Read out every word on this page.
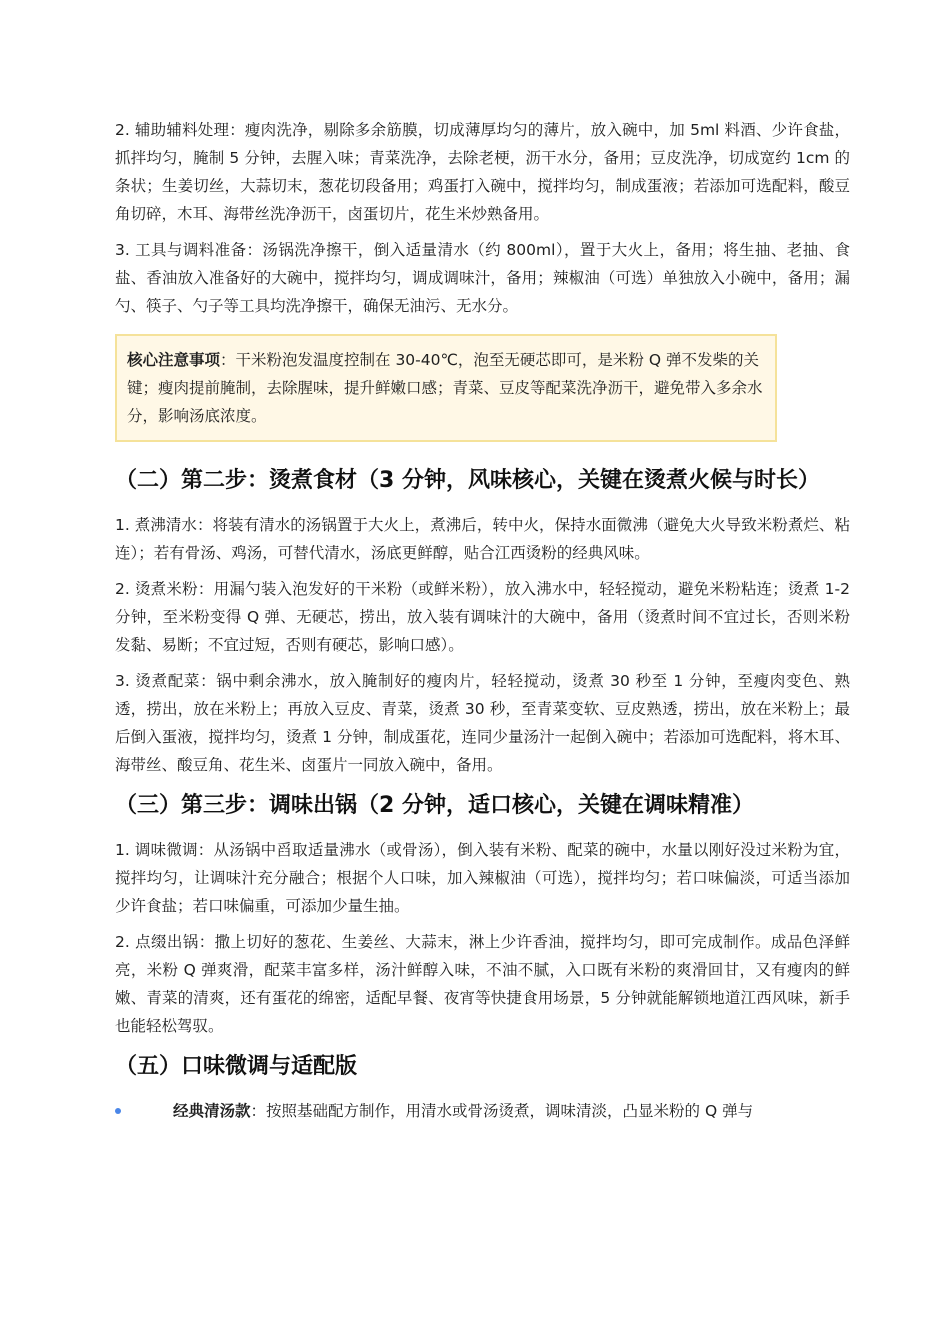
2. 辅助辅料处理：瘦肉洗净，剔除多余筋膜，切成薄厚均匀的薄片，放入碗中，加 5ml 料酒、少许食盐，抓拌均匀，腌制 5 分钟，去腥入味；青菜洗净，去除老梗，沥干水分，备用；豆皮洗净，切成宽约 1cm 的条状；生姜切丝，大蒜切末，葱花切段备用；鸡蛋打入碗中，搅拌均匀，制成蛋液；若添加可选配料，酸豆角切碎，木耳、海带丝洗净沥干，卤蛋切片，花生米炒熟备用。

3. 工具与调料准备：汤锅洗净擦干，倒入适量清水（约 800ml），置于大火上，备用；将生抽、老抽、食盐、香油放入准备好的大碗中，搅拌均匀，调成调味汁，备用；辣椒油（可选）单独放入小碗中，备用；漏勺、筷子、勺子等工具均洗净擦干，确保无油污、无水分。

核心注意事项：干米粉泡发温度控制在 30-40℃，泡至无硬芯即可，是米粉 Q 弹不发柴的关键；瘦肉提前腌制，去除腥味，提升鲜嫩口感；青菜、豆皮等配菜洗净沥干，避免带入多余水分，影响汤底浓度。
（二）第二步：烫煮食材（3 分钟，风味核心，关键在烫煮火候与时长）

1. 煮沸清水：将装有清水的汤锅置于大火上，煮沸后，转中火，保持水面微沸（避免大火导致米粉煮烂、粘连）；若有骨汤、鸡汤，可替代清水，汤底更鲜醇，贴合江西烫粉的经典风味。

2. 烫煮米粉：用漏勺装入泡发好的干米粉（或鲜米粉），放入沸水中，轻轻搅动，避免米粉粘连；烫煮 1-2 分钟，至米粉变得 Q 弹、无硬芯，捞出，放入装有调味汁的大碗中，备用（烫煮时间不宜过长，否则米粉发黏、易断；不宜过短，否则有硬芯，影响口感）。

3. 烫煮配菜：锅中剩余沸水，放入腌制好的瘦肉片，轻轻搅动，烫煮 30 秒至 1 分钟，至瘦肉变色、熟透，捞出，放在米粉上；再放入豆皮、青菜，烫煮 30 秒，至青菜变软、豆皮熟透，捞出，放在米粉上；最后倒入蛋液，搅拌均匀，烫煮 1 分钟，制成蛋花，连同少量汤汁一起倒入碗中；若添加可选配料，将木耳、海带丝、酸豆角、花生米、卤蛋片一同放入碗中，备用。

（三）第三步：调味出锅（2 分钟，适口核心，关键在调味精准）

1. 调味微调：从汤锅中舀取适量沸水（或骨汤），倒入装有米粉、配菜的碗中，水量以刚好没过米粉为宜，搅拌均匀，让调味汁充分融合；根据个人口味，加入辣椒油（可选），搅拌均匀；若口味偏淡，可适当添加少许食盐；若口味偏重，可添加少量生抽。

2. 点缀出锅：撒上切好的葱花、生姜丝、大蒜末，淋上少许香油，搅拌均匀，即可完成制作。成品色泽鲜亮，米粉 Q 弹爽滑，配菜丰富多样，汤汁鲜醇入味，不油不腻，入口既有米粉的爽滑回甘，又有瘦肉的鲜嫩、青菜的清爽，还有蛋花的绵密，适配早餐、夜宵等快捷食用场景，5 分钟就能解锁地道江西风味，新手也能轻松驾驭。

（五）口味微调与适配版
经典清汤款：按照基础配方制作，用清水或骨汤烫煮，调味清淡，凸显米粉的 Q 弹与
